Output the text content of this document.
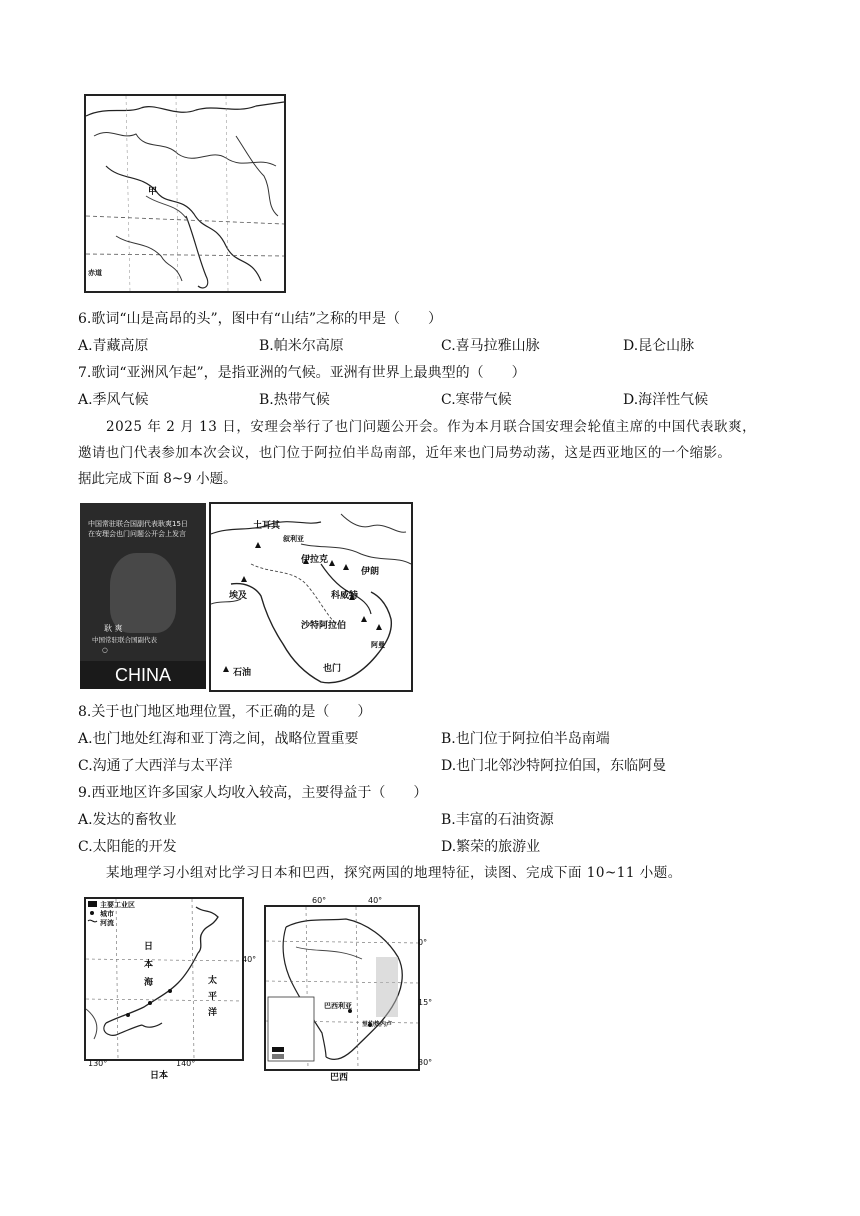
甲
赤道
6.歌词“山是高昂的头”，图中有“山结”之称的甲是（　　）
A.青藏高原	B.帕米尔高原	C.喜马拉雅山脉	D.昆仑山脉
7.歌词“亚洲风乍起”，是指亚洲的气候。亚洲有世界上最典型的（　　）
A.季风气候	B.热带气候	C.寒带气候	D.海洋性气候
2025 年 2 月 13 日，安理会举行了也门问题公开会。作为本月联合国安理会轮值主席的中国代表耿爽，
邀请也门代表参加本次会议，也门位于阿拉伯半岛南部，近年来也门局势动荡，这是西亚地区的一个缩影。
据此完成下面 8~9 小题。
中国常驻联合国副代表耿爽15日
在安理会也门问题公开会上发言
耿 爽
中国常驻联合国副代表
○
CHINA
土耳其
伊拉克
伊朗
叙利亚
科威特
埃及
沙特阿拉伯
也门
阿曼
石油
8.关于也门地区地理位置，不正确的是（　　）
A.也门地处红海和亚丁湾之间，战略位置重要	B.也门位于阿拉伯半岛南端
C.沟通了大西洋与太平洋	D.也门北邻沙特阿拉伯国，东临阿曼
9.西亚地区许多国家人均收入较高，主要得益于（　　）
A.发达的畜牧业	B.丰富的石油资源
C.太阳能的开发	D.繁荣的旅游业
某地理学习小组对比学习日本和巴西，探究两国的地理特征，读图、完成下面 10~11 小题。
主要工业区
城市
河流
日
本
海	太
平
洋
130°	140°
40°
日本
巴西利亚
里约热内卢
60°	40°
0°
15°
30°
巴西
